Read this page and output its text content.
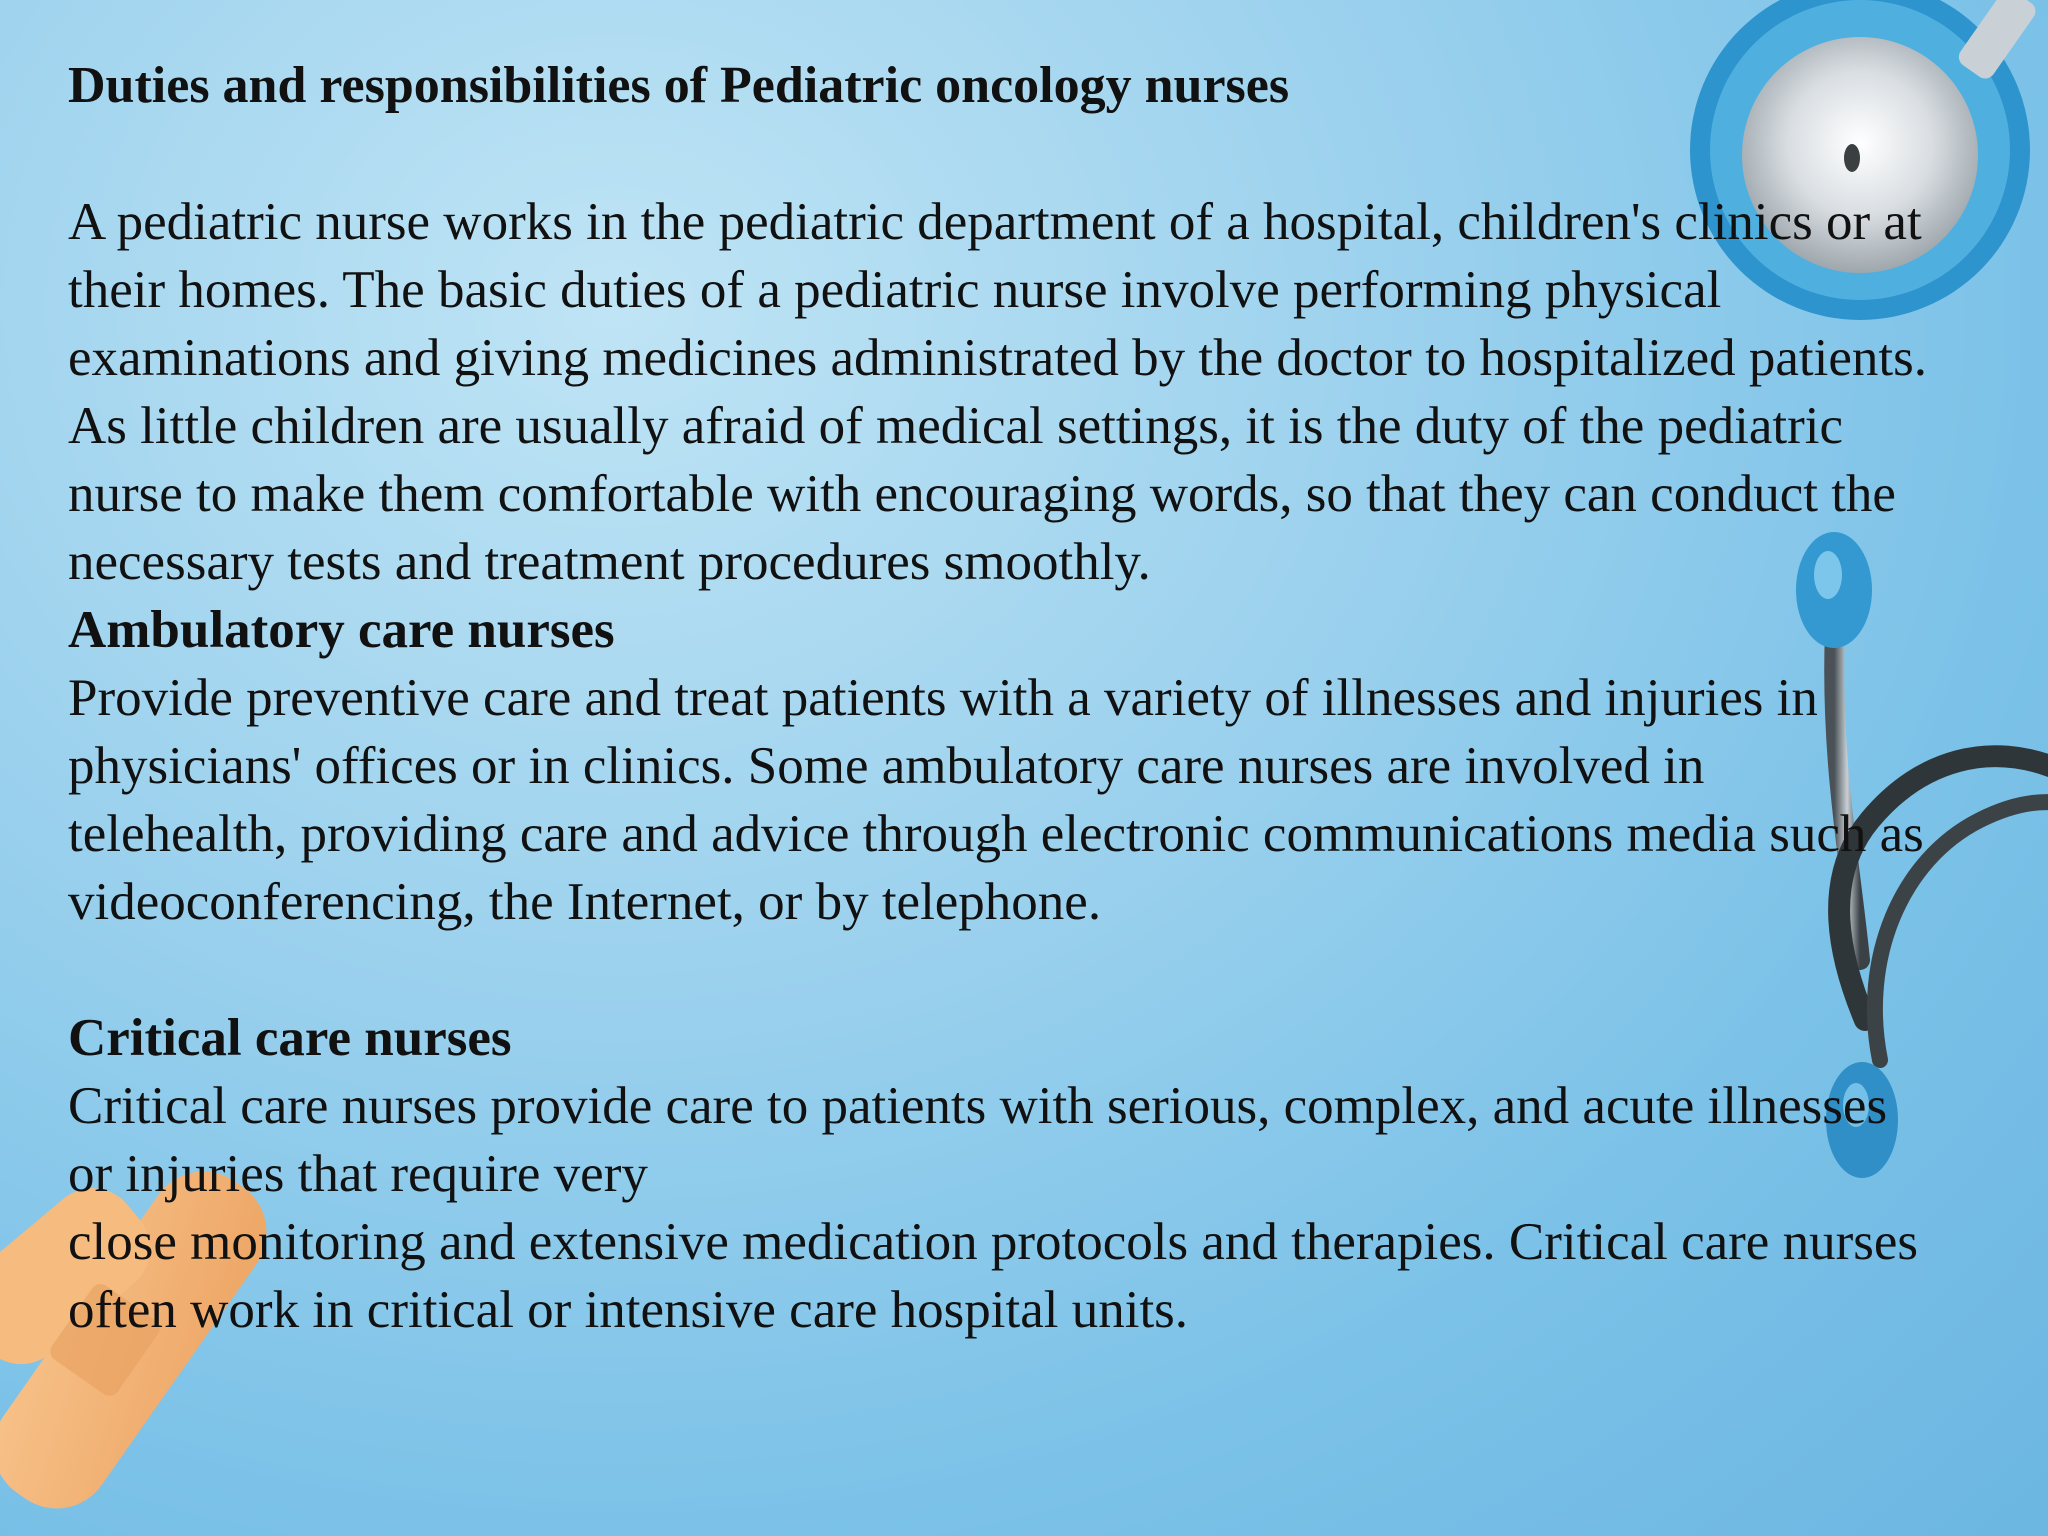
Duties and responsibilities of Pediatric oncology nurses

A pediatric nurse works in the pediatric department of a hospital, children's clinics or at their homes. The basic duties of a pediatric nurse involve performing physical examinations and giving medicines administrated by the doctor to hospitalized patients. As little children are usually afraid of medical settings, it is the duty of the pediatric nurse to make them comfortable with encouraging words, so that they can conduct the necessary tests and treatment procedures smoothly.

Ambulatory care nurses

Provide preventive care and treat patients with a variety of illnesses and injuries in physicians' offices or in clinics. Some ambulatory care nurses are involved in telehealth, providing care and advice through electronic communications media such as videoconferencing, the Internet, or by telephone.

Critical care nurses

Critical care nurses provide care to patients with serious, complex, and acute illnesses or injuries that require very
close monitoring and extensive medication protocols and therapies. Critical care nurses often work in critical or intensive care hospital units.
